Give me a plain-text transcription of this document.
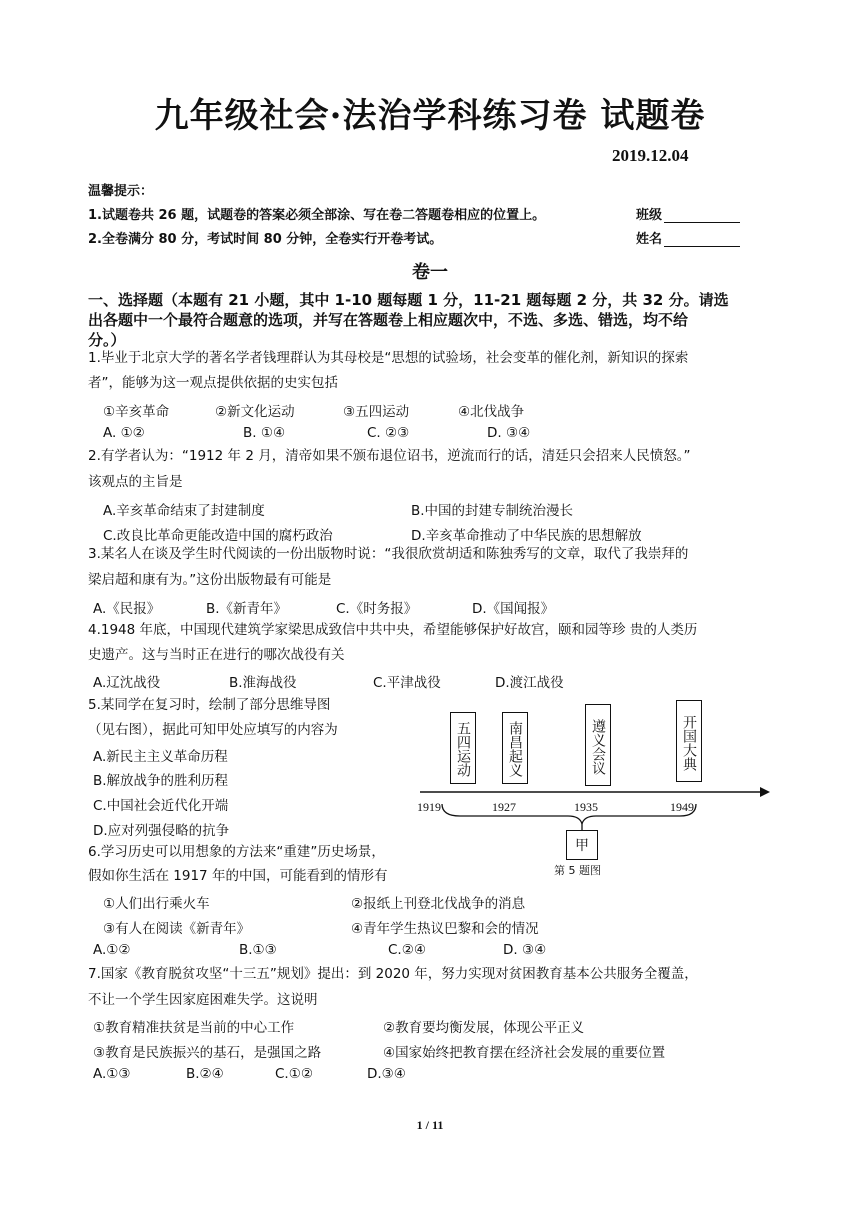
九年级社会·法治学科练习卷 试题卷
2019.12.04
温馨提示：
1.试题卷共 26 题，试题卷的答案必须全部涂、写在卷二答题卷相应的位置上。
2.全卷满分 80 分，考试时间 80 分钟，全卷实行开卷考试。
班级
姓名
卷一
一、选择题（本题有 21 小题，其中 1-10 题每题 1 分，11-21 题每题 2 分，共 32 分。请选
出各题中一个最符合题意的选项，并写在答题卷上相应题次中，不选、多选、错选，均不给
分。）
1.毕业于北京大学的著名学者钱理群认为其母校是“思想的试验场，社会变革的催化剂，新知识的探索
者”，能够为这一观点提供依据的史实包括
①辛亥革命	②新文化运动	③五四运动	④北伐战争
A. ①②	B. ①④	C. ②③	D. ③④
2.有学者认为：“1912 年 2 月，清帝如果不颁布退位诏书，逆流而行的话，清廷只会招来人民愤怒。”
该观点的主旨是
A.辛亥革命结束了封建制度	B.中国的封建专制统治漫长
C.改良比革命更能改造中国的腐朽政治	D.辛亥革命推动了中华民族的思想解放
3.某名人在谈及学生时代阅读的一份出版物时说：“我很欣赏胡适和陈独秀写的文章，取代了我崇拜的
梁启超和康有为。”这份出版物最有可能是
A.《民报》	B.《新青年》	C.《时务报》	D.《国闻报》
4.1948 年底，中国现代建筑学家梁思成致信中共中央，希望能够保护好故宫，颐和园等珍 贵的人类历
史遗产。这与当时正在进行的哪次战役有关
A.辽沈战役	B.淮海战役	C.平津战役	D.渡江战役
5.某同学在复习时，绘制了部分思维导图
（见右图），据此可知甲处应填写的内容为
A.新民主主义革命历程
B.解放战争的胜利历程
C.中国社会近代化开端
D.应对列强侵略的抗争
五四运动	南昌起义	遵义会议	开国大典
1919	1927	1935	1949
甲
第 5 题图
6.学习历史可以用想象的方法来“重建”历史场景，
假如你生活在 1917 年的中国，可能看到的情形有
①人们出行乘火车	②报纸上刊登北伐战争的消息
③有人在阅读《新青年》	④青年学生热议巴黎和会的情况
A.①②	B.①③	C.②④	D. ③④
7.国家《教育脱贫攻坚“十三五”规划》提出：到 2020 年，努力实现对贫困教育基本公共服务全覆盖，
不让一个学生因家庭困难失学。这说明
①教育精准扶贫是当前的中心工作	②教育要均衡发展，体现公平正义
③教育是民族振兴的基石，是强国之路	④国家始终把教育摆在经济社会发展的重要位置
A.①③	B.②④	C.①②	D.③④
1 / 11
